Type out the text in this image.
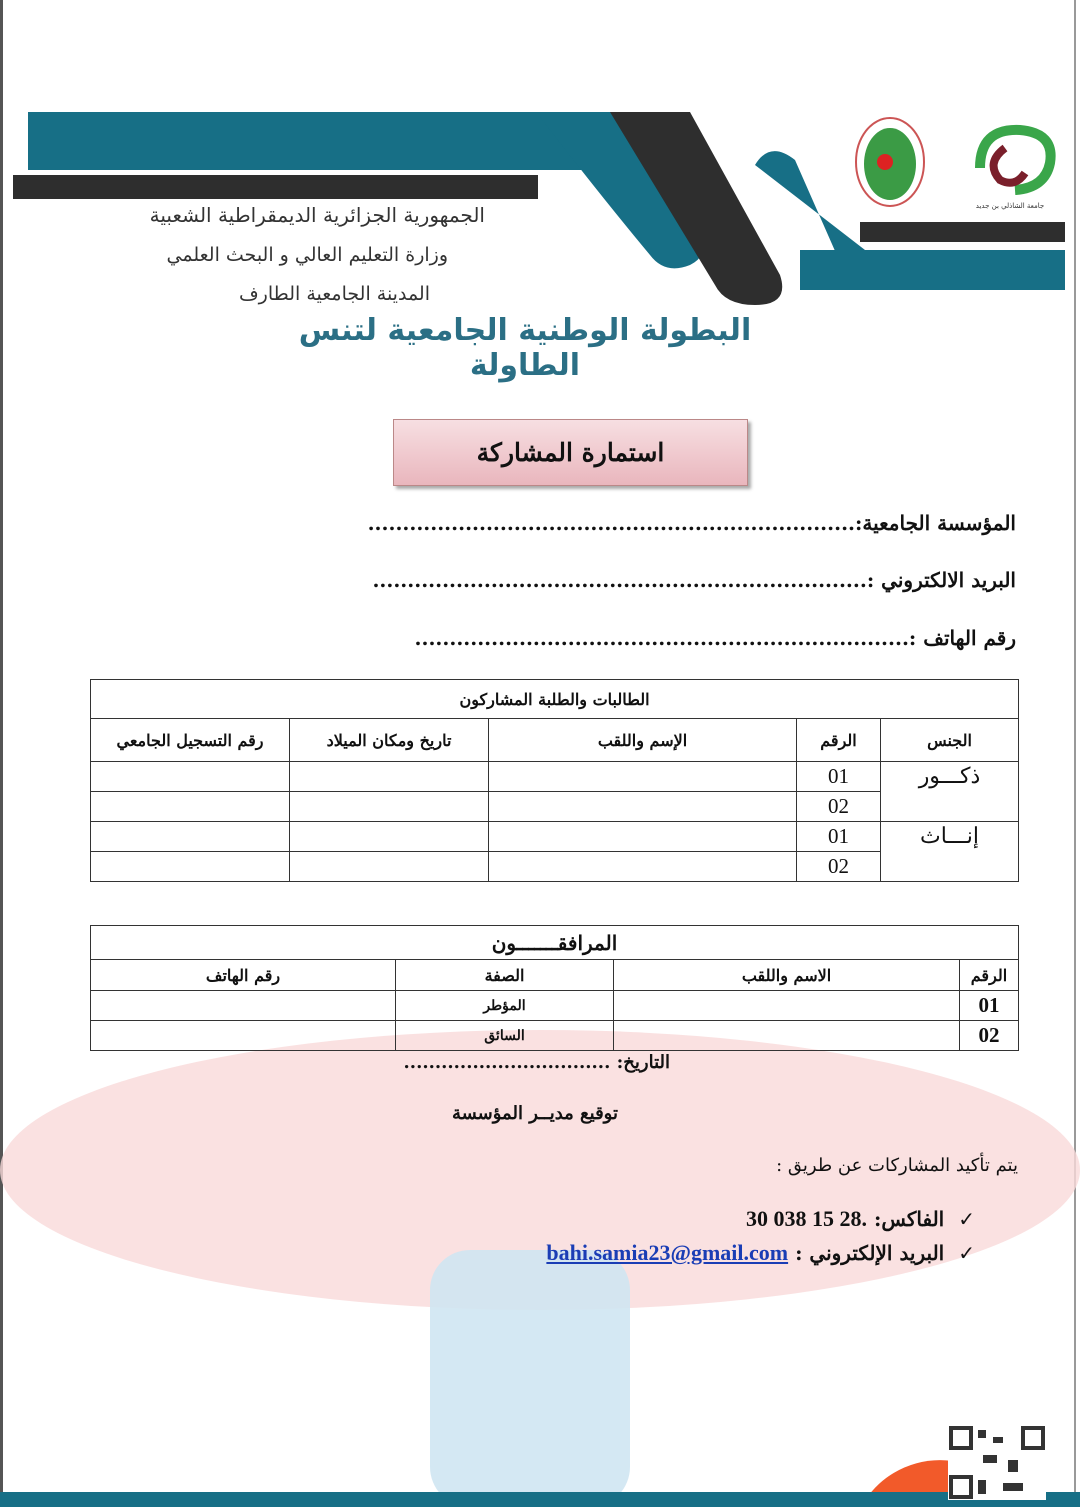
جامعة الشاذلي بن جديد
الجمهورية الجزائرية الديمقراطية الشعبية
وزارة التعليم العالي و البحث العلمي
المدينة الجامعية الطارف
البطولة الوطنية الجامعية لتنس الطاولة
استمارة المشاركة
المؤسسة الجامعية:......................................................................
البريد الالكتروني :.......................................................................
رقم الهاتف :.......................................................................
الطالبات والطلبة المشاركون				
الجنس	الرقم	الإسم واللقب	تاريخ ومكان الميلاد	رقم التسجيل الجامعي
ذكـــور	01			
	02			
إنـــاث	01			
	02			
المرافقـــــــون			
الرقم	الاسم واللقب	الصفة	رقم الهاتف
01		المؤطر	
02		السائق	
التاريخ: .................................
توقيع مديــر المؤسسة
يتم تأكيد المشاركات عن طريق :
✓الفاكس: 30 038 15 28.
✓البريد الإلكتروني : bahi.samia23@gmail.com
